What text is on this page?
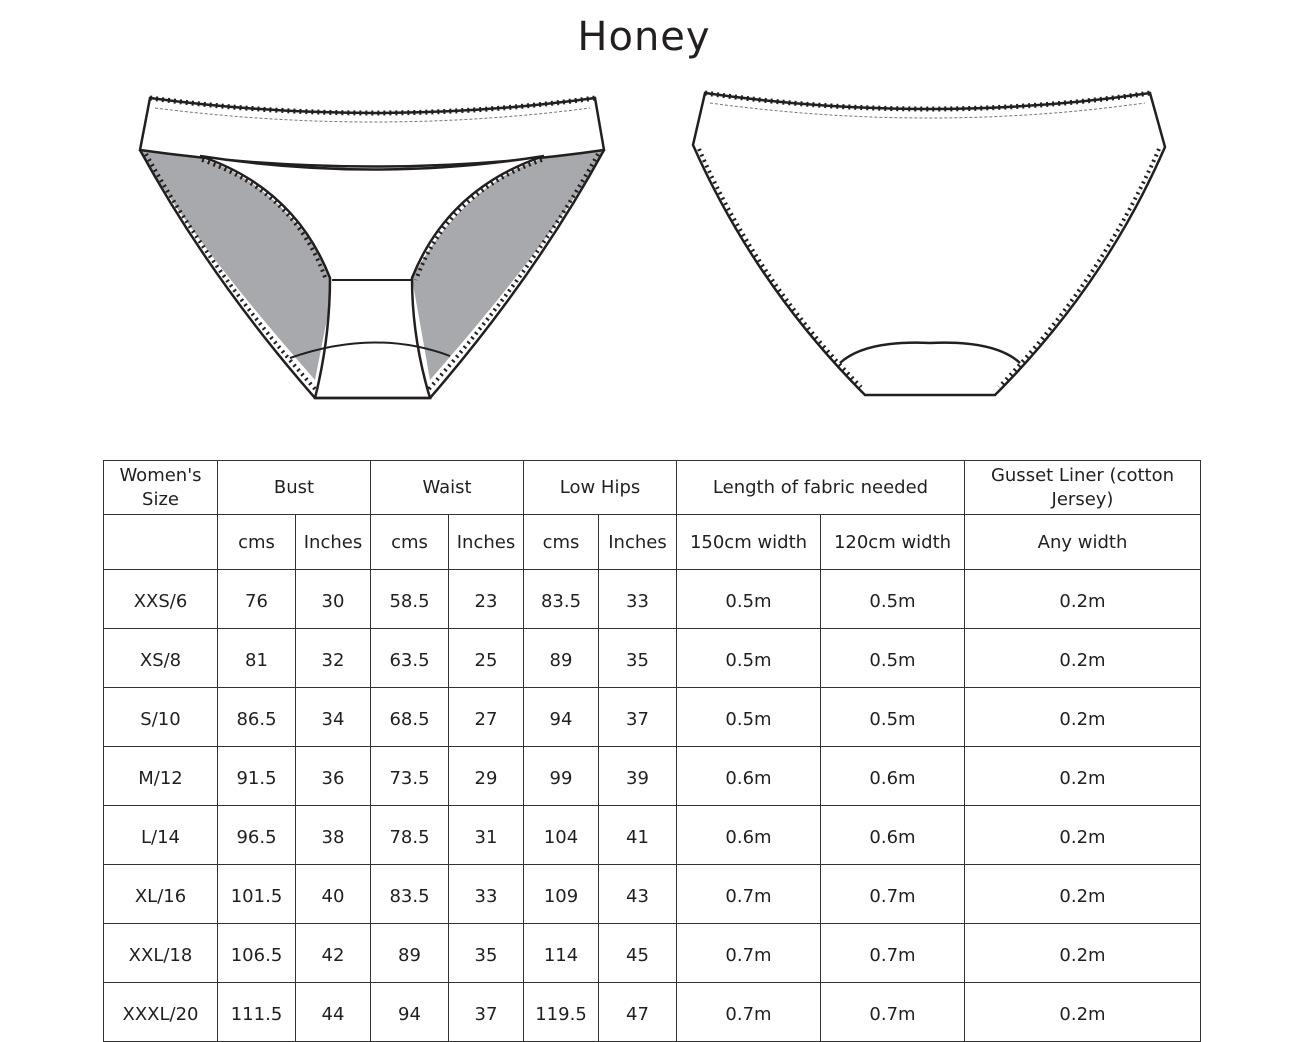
Honey
Women's Size	Bust		Waist		Low Hips		Length of fabric needed		Gusset Liner (cotton Jersey)
	cms	Inches	cms	Inches	cms	Inches	150cm width	120cm width	Any width
XXS/6	76	30	58.5	23	83.5	33	0.5m	0.5m	0.2m
XS/8	81	32	63.5	25	89	35	0.5m	0.5m	0.2m
S/10	86.5	34	68.5	27	94	37	0.5m	0.5m	0.2m
M/12	91.5	36	73.5	29	99	39	0.6m	0.6m	0.2m
L/14	96.5	38	78.5	31	104	41	0.6m	0.6m	0.2m
XL/16	101.5	40	83.5	33	109	43	0.7m	0.7m	0.2m
XXL/18	106.5	42	89	35	114	45	0.7m	0.7m	0.2m
XXXL/20	111.5	44	94	37	119.5	47	0.7m	0.7m	0.2m
